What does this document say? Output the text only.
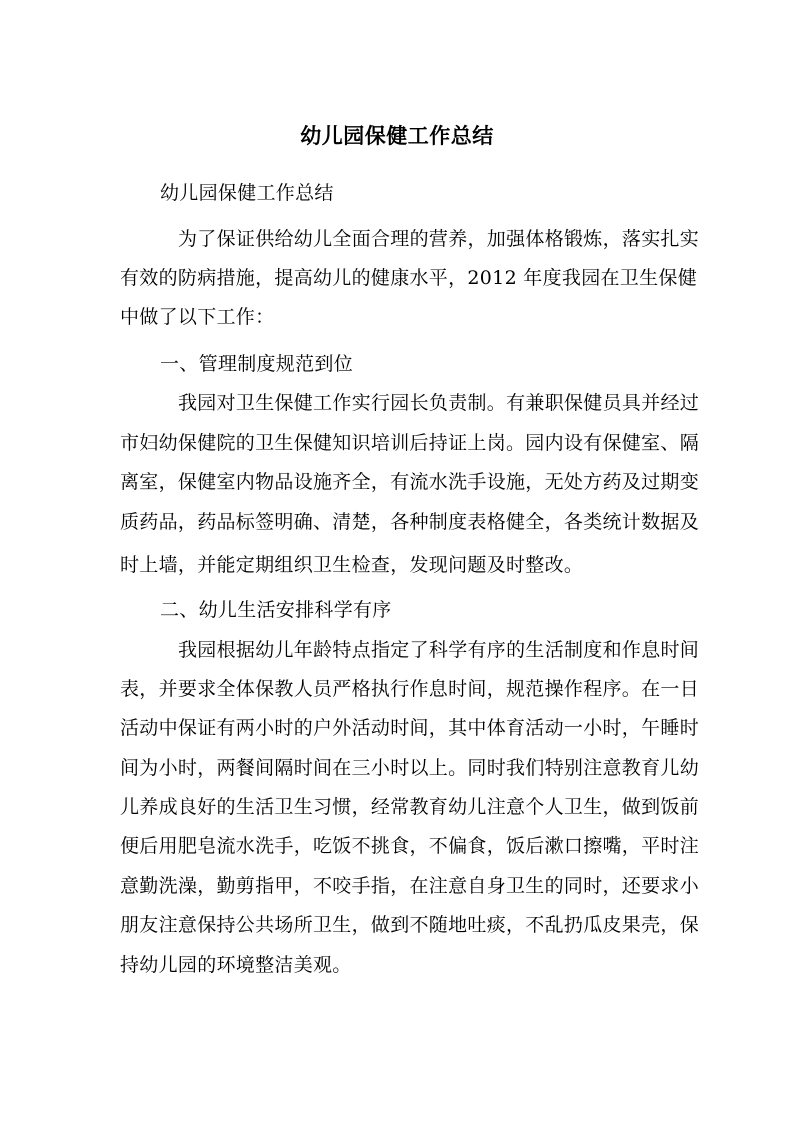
幼儿园保健工作总结
幼儿园保健工作总结
为了保证供给幼儿全面合理的营养，加强体格锻炼，落实扎实
有效的防病措施，提高幼儿的健康水平，2012 年度我园在卫生保健
中做了以下工作：
一、管理制度规范到位
我园对卫生保健工作实行园长负责制。有兼职保健员具并经过
市妇幼保健院的卫生保健知识培训后持证上岗。园内设有保健室、隔
离室，保健室内物品设施齐全，有流水洗手设施，无处方药及过期变
质药品，药品标签明确、清楚，各种制度表格健全，各类统计数据及
时上墙，并能定期组织卫生检查，发现问题及时整改。
二、幼儿生活安排科学有序
我园根据幼儿年龄特点指定了科学有序的生活制度和作息时间
表，并要求全体保教人员严格执行作息时间，规范操作程序。在一日
活动中保证有两小时的户外活动时间，其中体育活动一小时，午睡时
间为小时，两餐间隔时间在三小时以上。同时我们特别注意教育儿幼
儿养成良好的生活卫生习惯，经常教育幼儿注意个人卫生，做到饭前
便后用肥皂流水洗手，吃饭不挑食，不偏食，饭后漱口擦嘴，平时注
意勤洗澡，勤剪指甲，不咬手指，在注意自身卫生的同时，还要求小
朋友注意保持公共场所卫生，做到不随地吐痰，不乱扔瓜皮果壳，保
持幼儿园的环境整洁美观。
